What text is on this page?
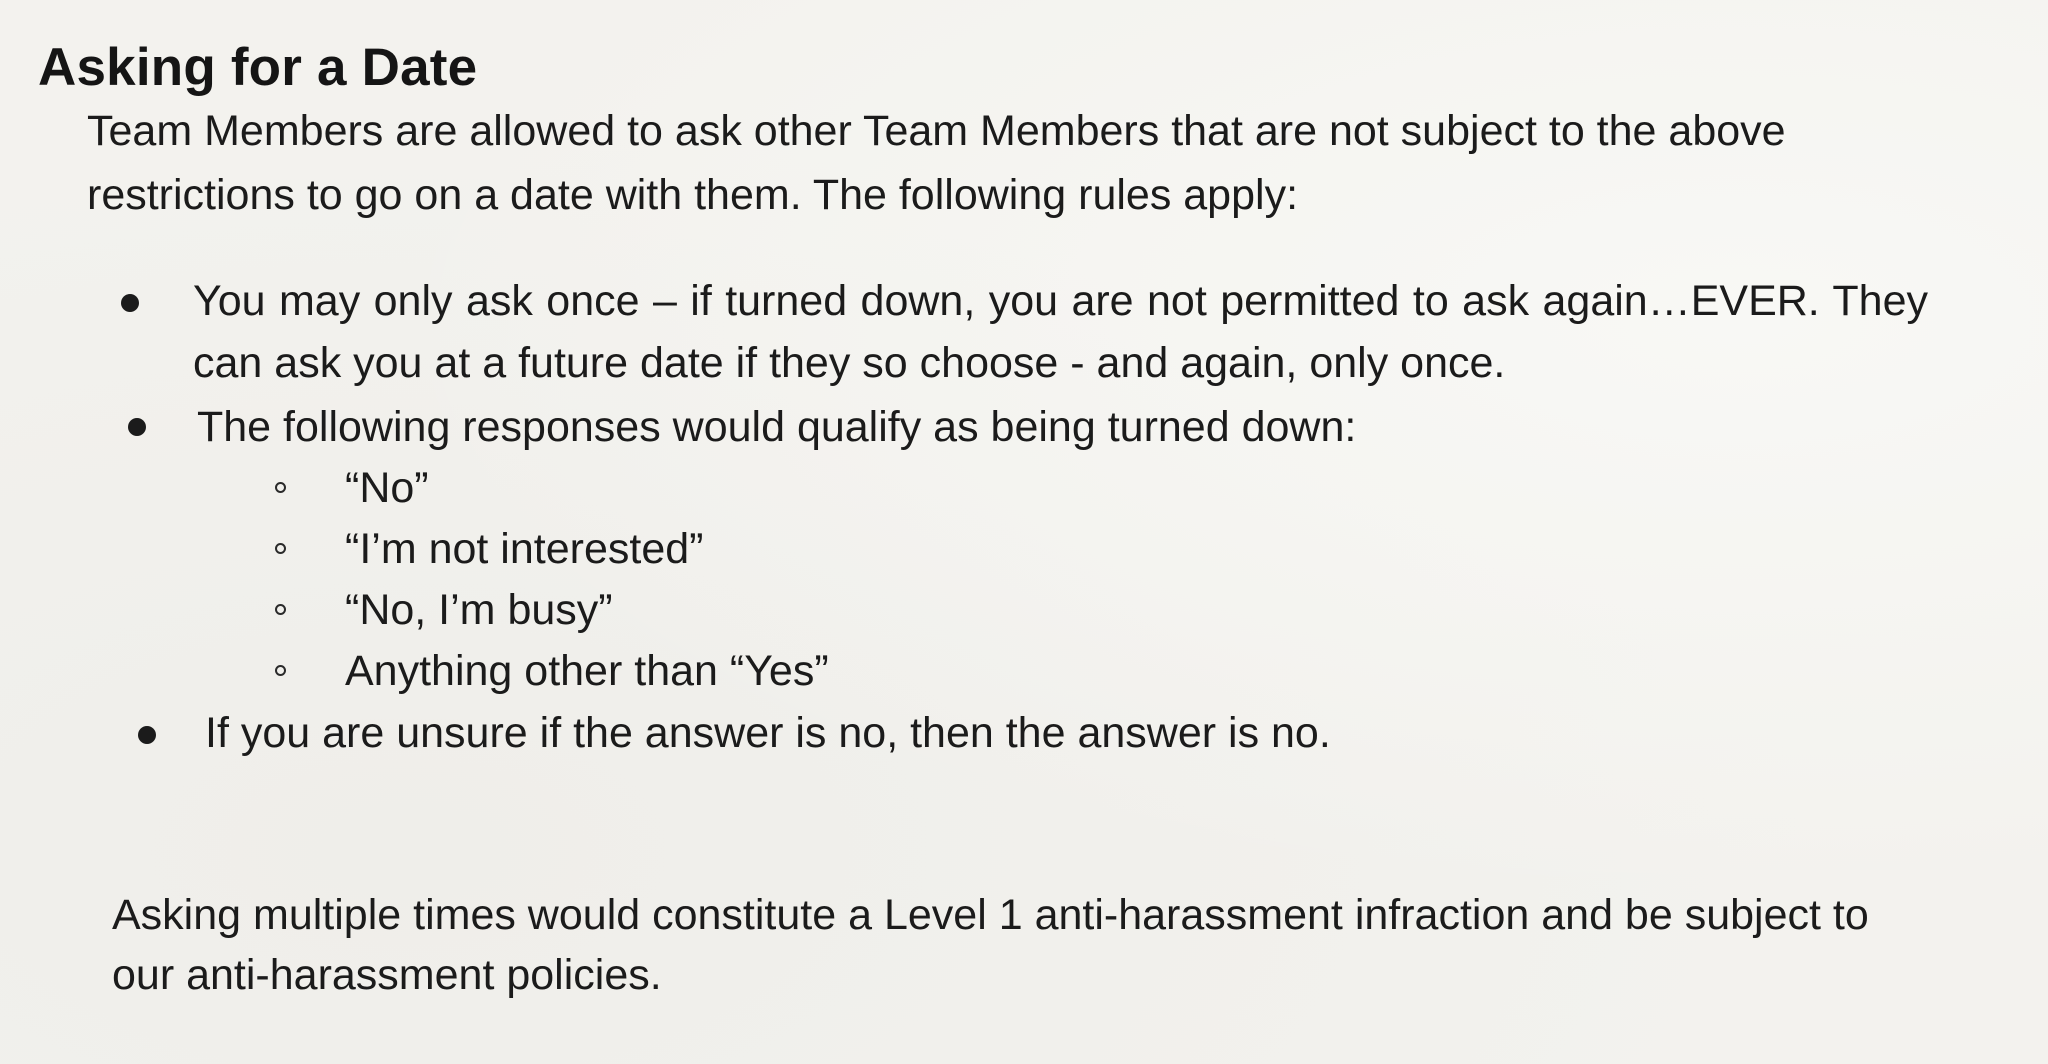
Asking for a Date

Team Members are allowed to ask other Team Members that are not subject to the above restrictions to go on a date with them. The following rules apply:

You may only ask once – if turned down, you are not permitted to ask again…EVER. They can ask you at a future date if they so choose - and again, only once.
The following responses would qualify as being turned down:
“No”
“I’m not interested”
“No, I’m busy”
Anything other than “Yes”
If you are unsure if the answer is no, then the answer is no.

Asking multiple times would constitute a Level 1 anti-harassment infraction and be subject to our anti-harassment policies.
